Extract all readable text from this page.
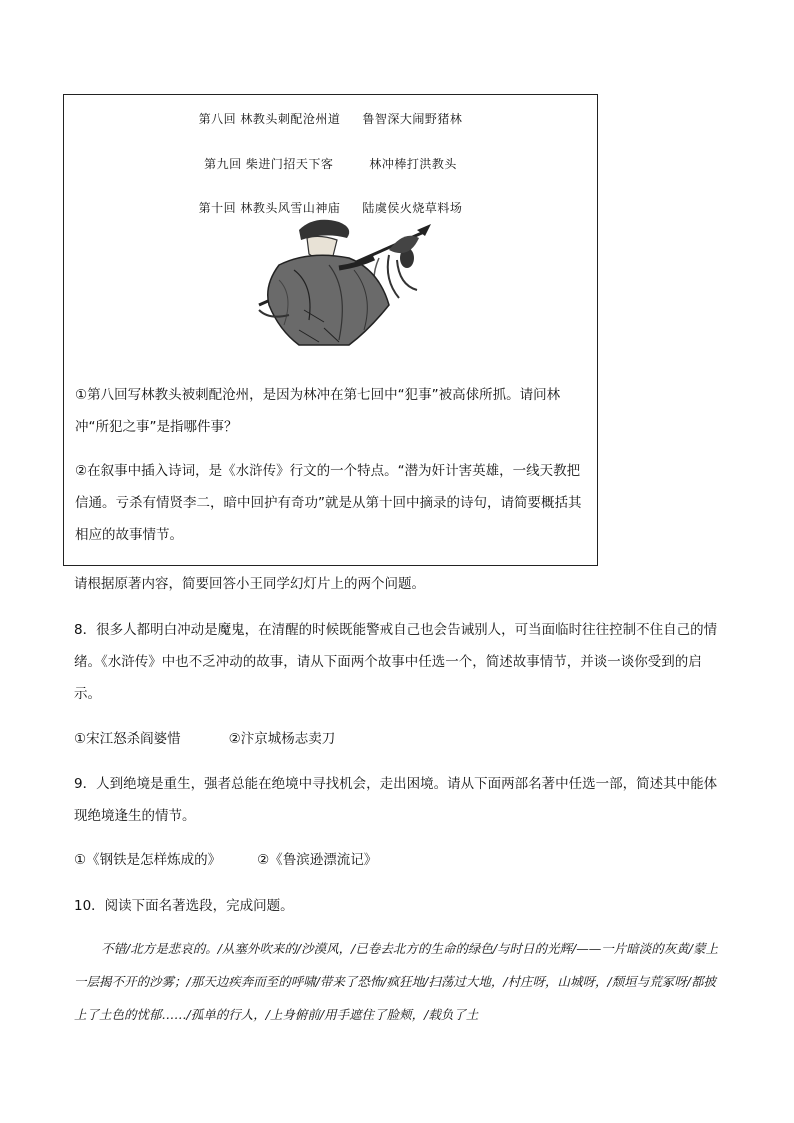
第八回 林教头刺配沧州道 鲁智深大闹野猪林
第九回 柴进门招天下客	林冲棒打洪教头
第十回 林教头风雪山神庙 陆虞侯火烧草料场
①第八回写林教头被刺配沧州，是因为林冲在第七回中“犯事”被高俅所抓。请问林冲“所犯之事”是指哪件事？
②在叙事中插入诗词，是《水浒传》行文的一个特点。“潜为奸计害英雄，一线天教把信通。亏杀有情贤李二，暗中回护有奇功”就是从第十回中摘录的诗句，请简要概括其相应的故事情节。
请根据原著内容，简要回答小王同学幻灯片上的两个问题。
8．很多人都明白冲动是魔鬼，在清醒的时候既能警戒自己也会告诫别人，可当面临时往往控制不住自己的情绪。《水浒传》中也不乏冲动的故事，请从下面两个故事中任选一个，简述故事情节，并谈一谈你受到的启示。
①宋江怒杀阎婆惜	②汴京城杨志卖刀
9．人到绝境是重生，强者总能在绝境中寻找机会，走出困境。请从下面两部名著中任选一部，简述其中能体现绝境逢生的情节。
①《钢铁是怎样炼成的》	②《鲁滨逊漂流记》
10．阅读下面名著选段，完成问题。
不错/北方是悲哀的。/从塞外吹来的/沙漠风，/已卷去北方的生命的绿色/与时日的光辉/——一片暗淡的灰黄/蒙上一层揭不开的沙雾；/那天边疾奔而至的呼啸/带来了恐怖/疯狂地/扫荡过大地，/村庄呀，山城呀，/颓垣与荒冢呀/都披上了土色的忧郁……/孤单的行人，/上身俯前/用手遮住了脸颊，/载负了土
